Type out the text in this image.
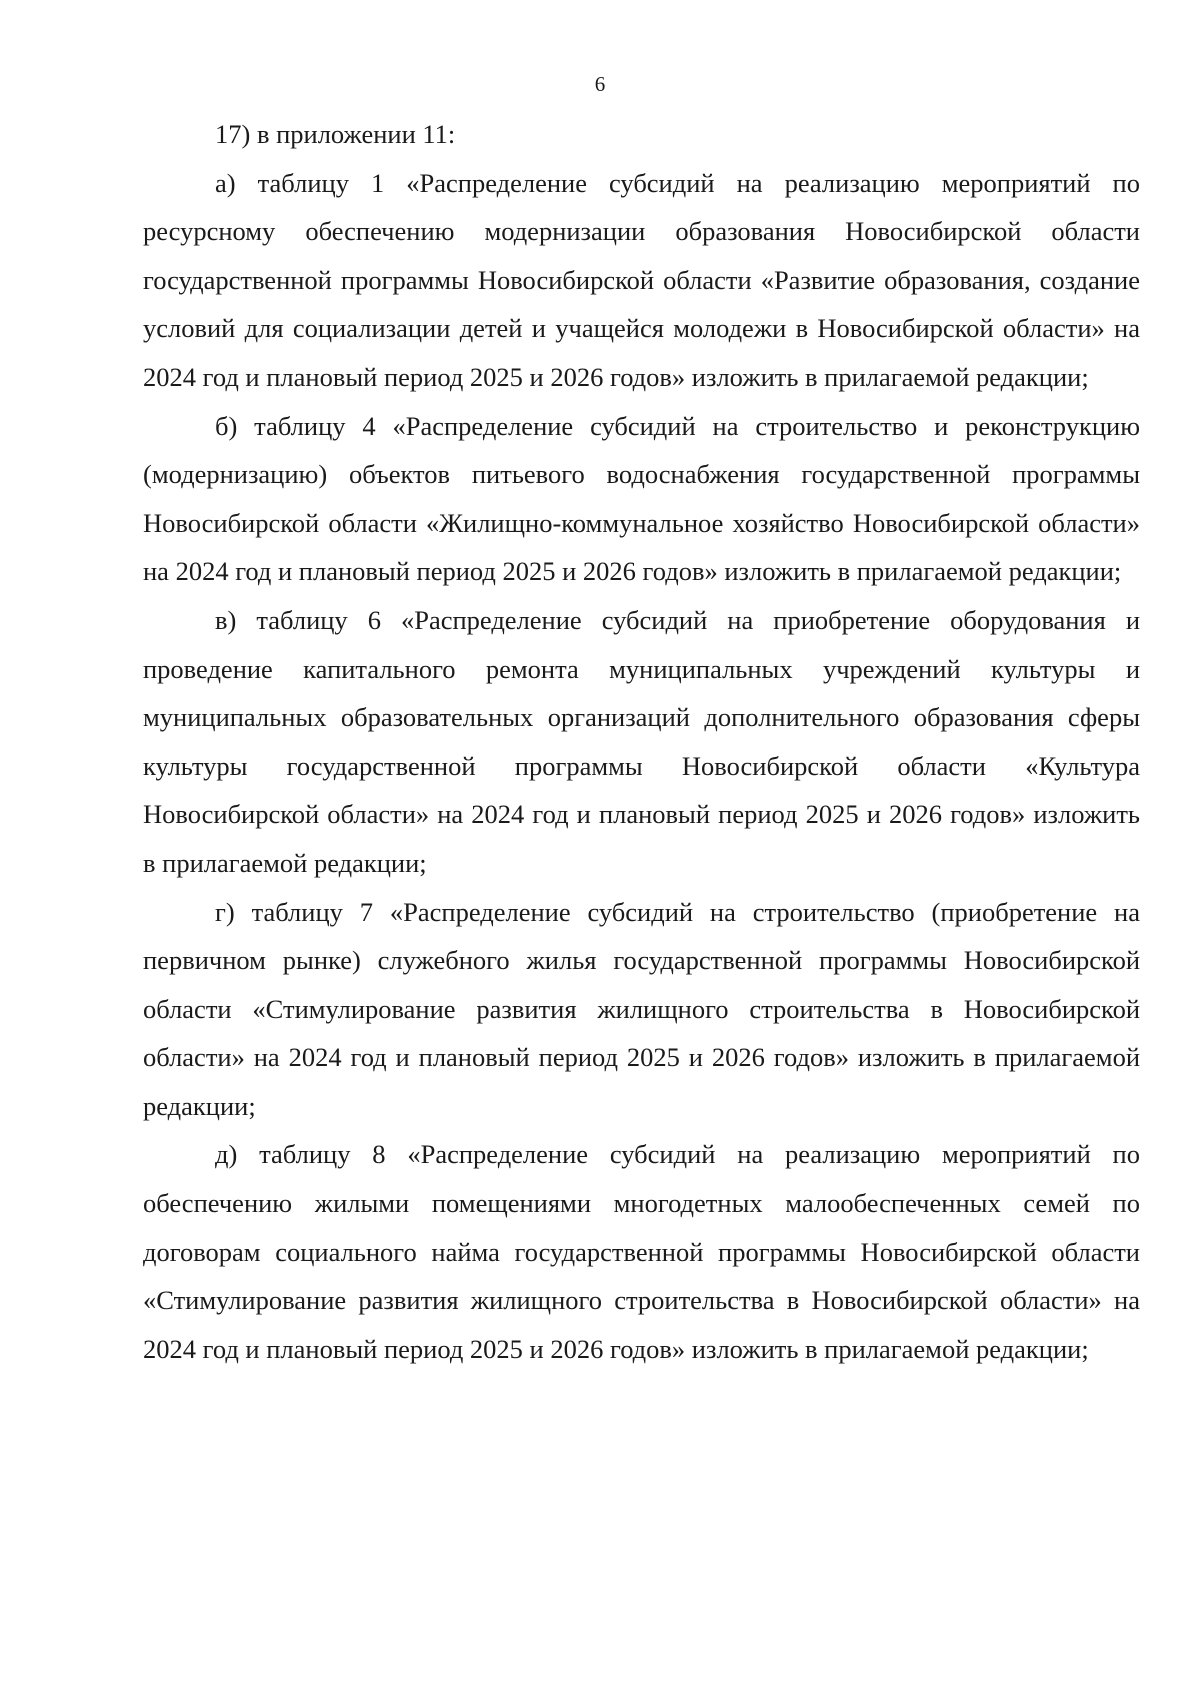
6

17) в приложении 11:

а) таблицу 1 «Распределение субсидий на реализацию мероприятий по ресурсному обеспечению модернизации образования Новосибирской области государственной программы Новосибирской области «Развитие образования, создание условий для социализации детей и учащейся молодежи в Новосибирской области» на 2024 год и плановый период 2025 и 2026 годов» изложить в прилагаемой редакции;

б) таблицу 4 «Распределение субсидий на строительство и реконструкцию (модернизацию) объектов питьевого водоснабжения государственной программы Новосибирской области «Жилищно-коммунальное хозяйство Новосибирской области» на 2024 год и плановый период 2025 и 2026 годов» изложить в прилагаемой редакции;

в) таблицу 6 «Распределение субсидий на приобретение оборудования и проведение капитального ремонта муниципальных учреждений культуры и муниципальных образовательных организаций дополнительного образования сферы культуры государственной программы Новосибирской области «Культура Новосибирской области» на 2024 год и плановый период 2025 и 2026 годов» изложить в прилагаемой редакции;

г) таблицу 7 «Распределение субсидий на строительство (приобретение на первичном рынке) служебного жилья государственной программы Новосибирской области «Стимулирование развития жилищного строительства в Новосибирской области» на 2024 год и плановый период 2025 и 2026 годов» изложить в прилагаемой редакции;

д) таблицу 8 «Распределение субсидий на реализацию мероприятий по обеспечению жилыми помещениями многодетных малообеспеченных семей по договорам социального найма государственной программы Новосибирской области «Стимулирование развития жилищного строительства в Новосибирской области» на 2024 год и плановый период 2025 и 2026 годов» изложить в прилагаемой редакции;
